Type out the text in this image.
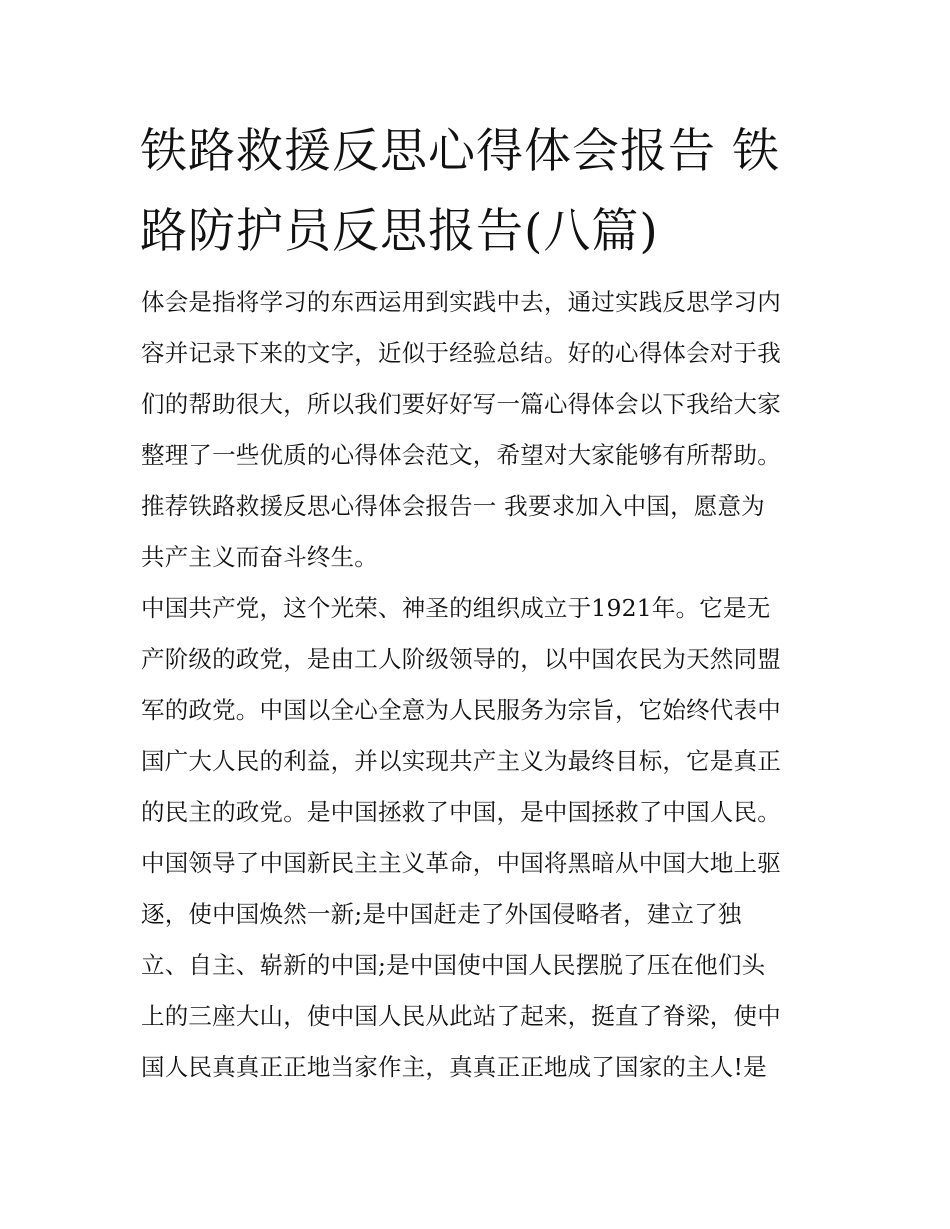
铁路救援反思心得体会报告 铁
路防护员反思报告(八篇)
体会是指将学习的东西运用到实践中去，通过实践反思学习内
容并记录下来的文字，近似于经验总结。好的心得体会对于我
们的帮助很大，所以我们要好好写一篇心得体会以下我给大家
整理了一些优质的心得体会范文，希望对大家能够有所帮助。
推荐铁路救援反思心得体会报告一 我要求加入中国，愿意为
共产主义而奋斗终生。
中国共产党，这个光荣、神圣的组织成立于1921年。它是无
产阶级的政党，是由工人阶级领导的，以中国农民为天然同盟
军的政党。中国以全心全意为人民服务为宗旨，它始终代表中
国广大人民的利益，并以实现共产主义为最终目标，它是真正
的民主的政党。是中国拯救了中国，是中国拯救了中国人民。
中国领导了中国新民主主义革命，中国将黑暗从中国大地上驱
逐，使中国焕然一新;是中国赶走了外国侵略者，建立了独
立、自主、崭新的中国;是中国使中国人民摆脱了压在他们头
上的三座大山，使中国人民从此站了起来，挺直了脊梁，使中
国人民真真正正地当家作主，真真正正地成了国家的主人!是
